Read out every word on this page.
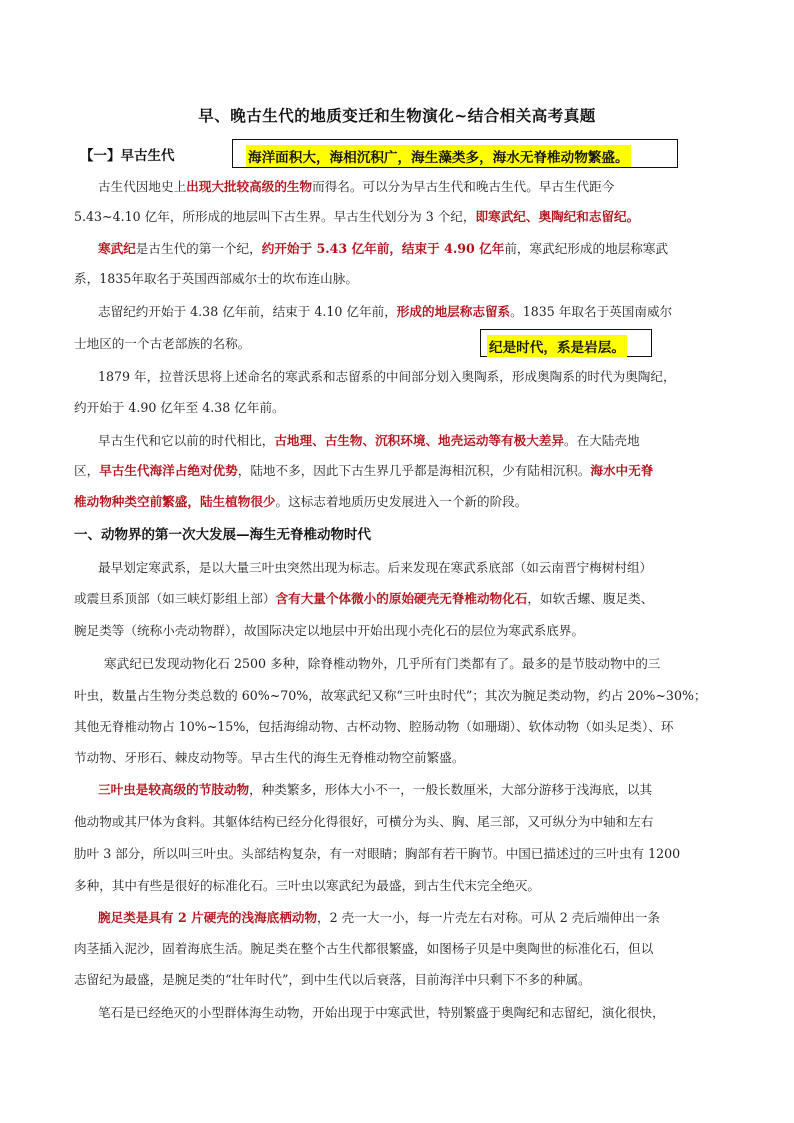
早、晚古生代的地质变迁和生物演化~结合相关高考真题
【一】早古生代	海洋面积大，海相沉积广，海生藻类多，海水无脊椎动物繁盛。
古生代因地史上出现大批较高级的生物而得名。可以分为早古生代和晚古生代。早古生代距今
5.43~4.10 亿年，所形成的地层叫下古生界。早古生代划分为 3 个纪，即寒武纪、奥陶纪和志留纪。
寒武纪是古生代的第一个纪，约开始于 5.43 亿年前，结束于 4.90 亿年前，寒武纪形成的地层称寒武
系，1835年取名于英国西部威尔士的坎布连山脉。
志留纪约开始于 4.38 亿年前，结束于 4.10 亿年前，形成的地层称志留系。1835 年取名于英国南威尔
士地区的一个古老部族的名称。	纪是时代，系是岩层。
1879 年，拉普沃思将上述命名的寒武系和志留系的中间部分划入奥陶系，形成奥陶系的时代为奥陶纪，
约开始于 4.90 亿年至 4.38 亿年前。
早古生代和它以前的时代相比，古地理、古生物、沉积环境、地壳运动等有极大差异。在大陆壳地
区，早古生代海洋占绝对优势，陆地不多，因此下古生界几乎都是海相沉积，少有陆相沉积。海水中无脊
椎动物种类空前繁盛，陆生植物很少。这标志着地质历史发展进入一个新的阶段。
一、动物界的第一次大发展—海生无脊椎动物时代
最早划定寒武系，是以大量三叶虫突然出现为标志。后来发现在寒武系底部（如云南晋宁梅树村组）
或震旦系顶部（如三峡灯影组上部）含有大量个体微小的原始硬壳无脊椎动物化石，如软舌螺、腹足类、
腕足类等（统称小壳动物群），故国际决定以地层中开始出现小壳化石的层位为寒武系底界。
寒武纪已发现动物化石 2500 多种，除脊椎动物外，几乎所有门类都有了。最多的是节肢动物中的三
叶虫，数量占生物分类总数的 60%~70%，故寒武纪又称“三叶虫时代”；其次为腕足类动物，约占 20%~30%；
其他无脊椎动物占 10%~15%，包括海绵动物、古杯动物、腔肠动物（如珊瑚）、软体动物（如头足类）、环
节动物、牙形石、棘皮动物等。早古生代的海生无脊椎动物空前繁盛。
三叶虫是较高级的节肢动物，种类繁多，形体大小不一，一般长数厘米，大部分游移于浅海底，以其
他动物或其尸体为食料。其躯体结构已经分化得很好，可横分为头、胸、尾三部，又可纵分为中轴和左右
肋叶 3 部分，所以叫三叶虫。头部结构复杂，有一对眼睛；胸部有若干胸节。中国已描述过的三叶虫有 1200
多种，其中有些是很好的标准化石。三叶虫以寒武纪为最盛，到古生代末完全绝灭。
腕足类是具有 2 片硬壳的浅海底栖动物，2 壳一大一小，每一片壳左右对称。可从 2 壳后端伸出一条
肉茎插入泥沙，固着海底生活。腕足类在整个古生代都很繁盛，如图杨子贝是中奥陶世的标准化石，但以
志留纪为最盛，是腕足类的“壮年时代”，到中生代以后衰落，目前海洋中只剩下不多的种属。
笔石是已经绝灭的小型群体海生动物，开始出现于中寒武世，特别繁盛于奥陶纪和志留纪，演化很快，
